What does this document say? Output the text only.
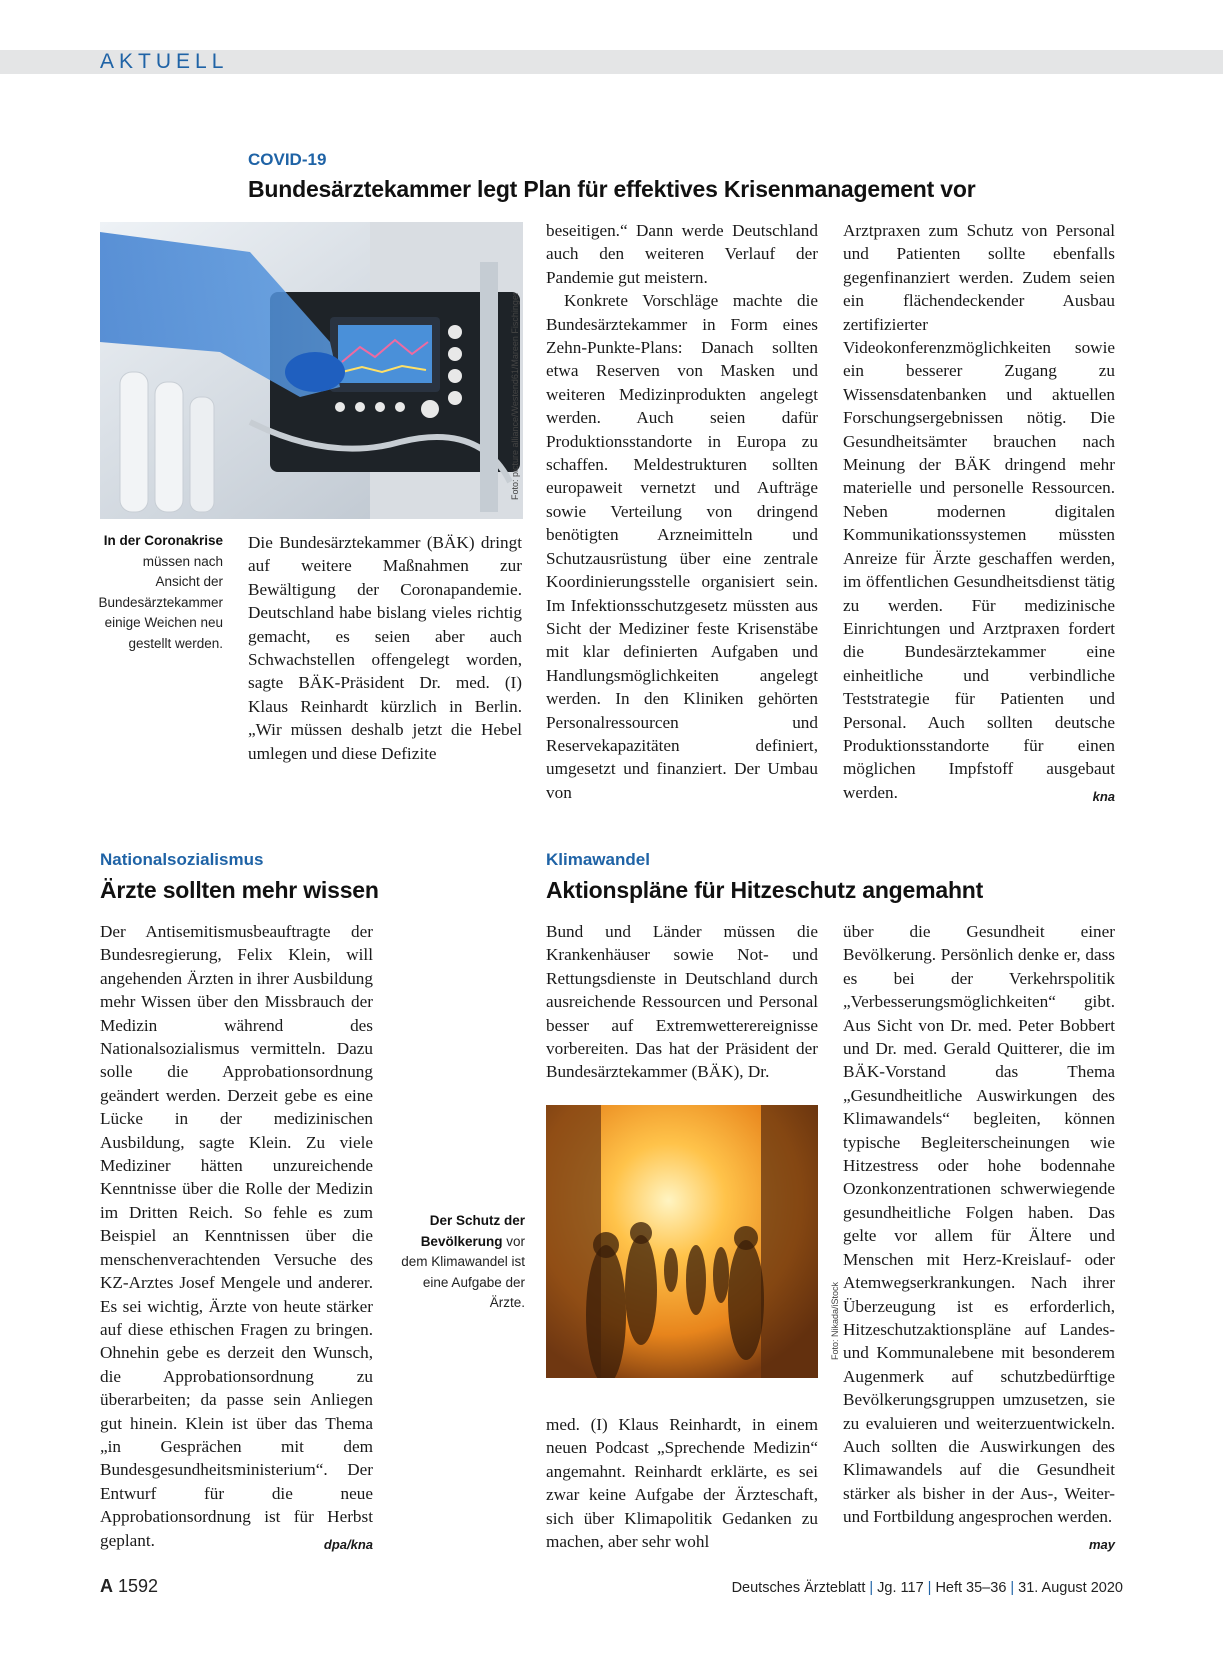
AKTUELL
COVID-19
Bundesärztekammer legt Plan für effektives Krisenmanagement vor
Foto: picture alliance/Westend61/Mareen Fischinger
In der Coronakrise müssen nach Ansicht der Bundesärztekammer einige Weichen neu gestellt werden.
Die Bundesärztekammer (BÄK) dringt auf weitere Maßnahmen zur Bewältigung der Coronapandemie. Deutschland habe bislang vieles richtig gemacht, es seien aber auch Schwachstellen offengelegt worden, sagte BÄK-Präsident Dr. med. (I) Klaus Reinhardt kürzlich in Berlin. „Wir müssen deshalb jetzt die Hebel umlegen und diese Defizite

beseitigen.“ Dann werde Deutschland auch den weiteren Verlauf der Pandemie gut meistern.

Konkrete Vorschläge machte die Bundesärztekammer in Form eines Zehn-Punkte-Plans: Danach sollten etwa Reserven von Masken und weiteren Medizinprodukten angelegt werden. Auch seien dafür Produktionsstandorte in Europa zu schaffen. Meldestrukturen sollten europaweit vernetzt und Aufträge sowie Verteilung von dringend benötigten Arzneimitteln und Schutzausrüstung über eine zentrale Koordinierungsstelle organisiert sein. Im Infektionsschutzgesetz müssten aus Sicht der Mediziner feste Krisenstäbe mit klar definierten Aufgaben und Handlungsmöglichkeiten angelegt werden. In den Kliniken gehörten Personalressourcen und Reservekapazitäten definiert, umgesetzt und finanziert. Der Umbau von

Arztpraxen zum Schutz von Personal und Patienten sollte ebenfalls gegenfinanziert werden. Zudem seien ein flächendeckender Ausbau zertifizierter Videokonferenzmöglichkeiten sowie ein besserer Zugang zu Wissensdatenbanken und aktuellen Forschungsergebnissen nötig. Die Gesundheitsämter brauchen nach Meinung der BÄK dringend mehr materielle und personelle Ressourcen. Neben modernen digitalen Kommunikationssystemen müssten Anreize für Ärzte geschaffen werden, im öffentlichen Gesundheitsdienst tätig zu werden. Für medizinische Einrichtungen und Arztpraxen fordert die Bundesärztekammer eine einheitliche und verbindliche Teststrategie für Patienten und Personal. Auch sollten deutsche Produktionsstandorte für einen möglichen Impfstoff ausgebaut werden.	kna
Nationalsozialismus
Ärzte sollten mehr wissen
Der Antisemitismusbeauftragte der Bundesregierung, Felix Klein, will angehenden Ärzten in ihrer Ausbildung mehr Wissen über den Missbrauch der Medizin während des Nationalsozialismus vermitteln. Dazu solle die Approbationsordnung geändert werden. Derzeit gebe es eine Lücke in der medizinischen Ausbildung, sagte Klein. Zu viele Mediziner hätten unzureichende Kenntnisse über die Rolle der Medizin im Dritten Reich. So fehle es zum Beispiel an Kenntnissen über die menschenverachtenden Versuche des KZ-Arztes Josef Mengele und anderer. Es sei wichtig, Ärzte von heute stärker auf diese ethischen Fragen zu bringen. Ohnehin gebe es derzeit den Wunsch, die Approbationsordnung zu überarbeiten; da passe sein Anliegen gut hinein. Klein ist über das Thema „in Gesprächen mit dem Bundesgesundheitsministerium“. Der Entwurf für die neue Approbationsordnung ist für Herbst geplant.	dpa/kna
Klimawandel
Aktionspläne für Hitzeschutz angemahnt
Bund und Länder müssen die Krankenhäuser sowie Not- und Rettungsdienste in Deutschland durch ausreichende Ressourcen und Personal besser auf Extremwetterereignisse vorbereiten. Das hat der Präsident der Bundesärztekammer (BÄK), Dr.
Foto: Nikada/iStock
Der Schutz der Bevölkerung vor dem Klimawandel ist eine Aufgabe der Ärzte.
med. (I) Klaus Reinhardt, in einem neuen Podcast „Sprechende Medizin“ angemahnt. Reinhardt erklärte, es sei zwar keine Aufgabe der Ärzteschaft, sich über Klimapolitik Gedanken zu machen, aber sehr wohl
über die Gesundheit einer Bevölkerung. Persönlich denke er, dass es bei der Verkehrspolitik „Verbesserungsmöglichkeiten“ gibt. Aus Sicht von Dr. med. Peter Bobbert und Dr. med. Gerald Quitterer, die im BÄK-Vorstand das Thema „Gesundheitliche Auswirkungen des Klimawandels“ begleiten, können typische Begleiterscheinungen wie Hitzestress oder hohe bodennahe Ozonkonzentrationen schwerwiegende gesundheitliche Folgen haben. Das gelte vor allem für Ältere und Menschen mit Herz-Kreislauf- oder Atemwegserkrankungen. Nach ihrer Überzeugung ist es erforderlich, Hitzeschutzaktionspläne auf Landes- und Kommunalebene mit besonderem Augenmerk auf schutzbedürftige Bevölkerungsgruppen umzusetzen, sie zu evaluieren und weiterzuentwickeln. Auch sollten die Auswirkungen des Klimawandels auf die Gesundheit stärker als bisher in der Aus-, Weiter- und Fortbildung angesprochen werden.
may
A 1592	Deutsches Ärzteblatt | Jg. 117 | Heft 35–36 | 31. August 2020
